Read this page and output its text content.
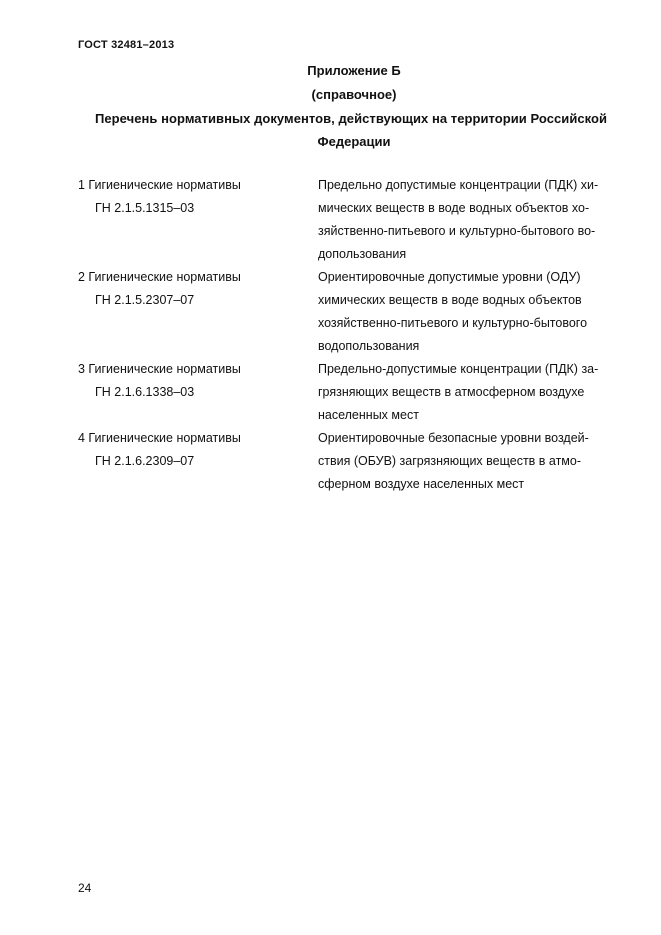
ГОСТ 32481–2013
Приложение Б
(справочное)
Перечень нормативных документов, действующих на территории Российской
Федерации
1 Гигиенические нормативы
ГН 2.1.5.1315–03
Предельно допустимые концентрации (ПДК) хи-
мических веществ в воде водных объектов хо-
зяйственно-питьевого и культурно-бытового во-
допользования
2 Гигиенические нормативы
ГН 2.1.5.2307–07
Ориентировочные допустимые уровни (ОДУ)
химических веществ в воде водных объектов
хозяйственно-питьевого и культурно-бытового
водопользования
3 Гигиенические нормативы
ГН 2.1.6.1338–03
Предельно-допустимые концентрации (ПДК) за-
грязняющих веществ в атмосферном воздухе
населенных мест
4 Гигиенические нормативы
ГН 2.1.6.2309–07
Ориентировочные безопасные уровни воздей-
ствия (ОБУВ) загрязняющих веществ в атмо-
сферном воздухе населенных мест
24
